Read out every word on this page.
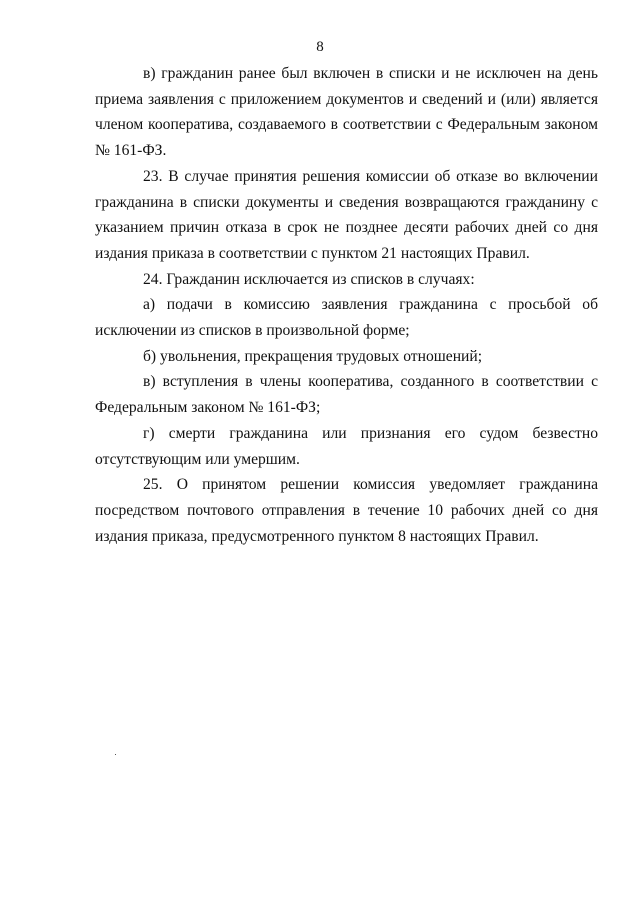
8

в) гражданин ранее был включен в списки и не исключен на день приема заявления с приложением документов и сведений и (или) является членом кооператива, создаваемого в соответствии с Федеральным законом № 161-ФЗ.

23. В случае принятия решения комиссии об отказе во включении гражданина в списки документы и сведения возвращаются гражданину с указанием причин отказа в срок не позднее десяти рабочих дней со дня издания приказа в соответствии с пунктом 21 настоящих Правил.

24. Гражданин исключается из списков в случаях:

а) подачи в комиссию заявления гражданина с просьбой об исключении из списков в произвольной форме;

б) увольнения, прекращения трудовых отношений;

в) вступления в члены кооператива, созданного в соответствии с Федеральным законом № 161-ФЗ;

г) смерти гражданина или признания его судом безвестно отсутствующим или умершим.

25. О принятом решении комиссия уведомляет гражданина посредством почтового отправления в течение 10 рабочих дней со дня издания приказа, предусмотренного пунктом 8 настоящих Правил.
